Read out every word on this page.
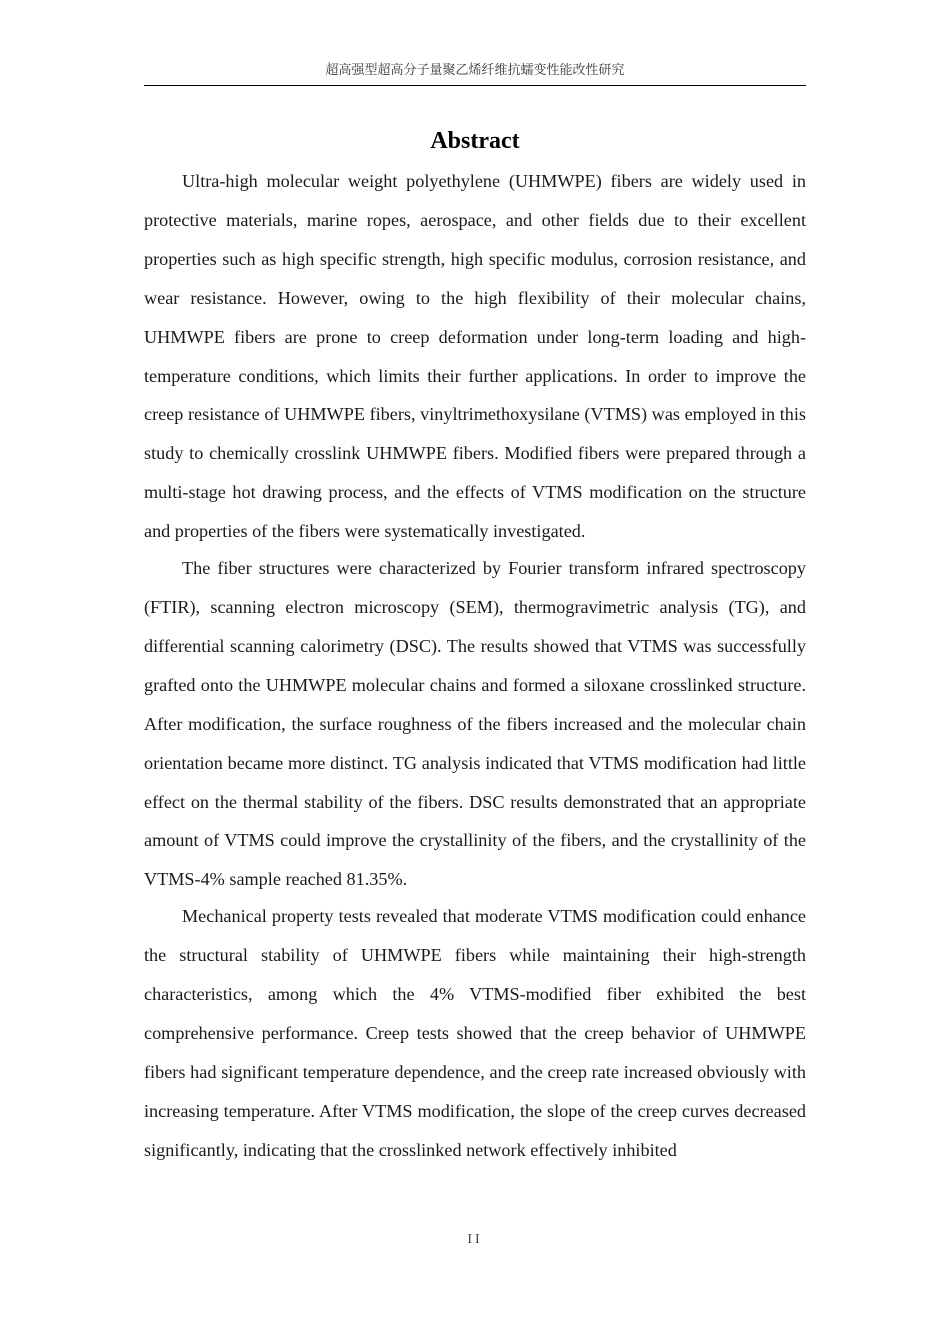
超高强型超高分子量聚乙烯纤维抗蠕变性能改性研究
Abstract

Ultra-high molecular weight polyethylene (UHMWPE) fibers are widely used in protective materials, marine ropes, aerospace, and other fields due to their excellent properties such as high specific strength, high specific modulus, corrosion resistance, and wear resistance. However, owing to the high flexibility of their molecular chains, UHMWPE fibers are prone to creep deformation under long-term loading and high-temperature conditions, which limits their further applications. In order to improve the creep resistance of UHMWPE fibers, vinyltrimethoxysilane (VTMS) was employed in this study to chemically crosslink UHMWPE fibers. Modified fibers were prepared through a multi-stage hot drawing process, and the effects of VTMS modification on the structure and properties of the fibers were systematically investigated.

The fiber structures were characterized by Fourier transform infrared spectroscopy (FTIR), scanning electron microscopy (SEM), thermogravimetric analysis (TG), and differential scanning calorimetry (DSC). The results showed that VTMS was successfully grafted onto the UHMWPE molecular chains and formed a siloxane crosslinked structure. After modification, the surface roughness of the fibers increased and the molecular chain orientation became more distinct. TG analysis indicated that VTMS modification had little effect on the thermal stability of the fibers. DSC results demonstrated that an appropriate amount of VTMS could improve the crystallinity of the fibers, and the crystallinity of the VTMS-4% sample reached 81.35%.

Mechanical property tests revealed that moderate VTMS modification could enhance the structural stability of UHMWPE fibers while maintaining their high-strength characteristics, among which the 4% VTMS-modified fiber exhibited the best comprehensive performance. Creep tests showed that the creep behavior of UHMWPE fibers had significant temperature dependence, and the creep rate increased obviously with increasing temperature. After VTMS modification, the slope of the creep curves decreased significantly, indicating that the crosslinked network effectively inhibited

II
